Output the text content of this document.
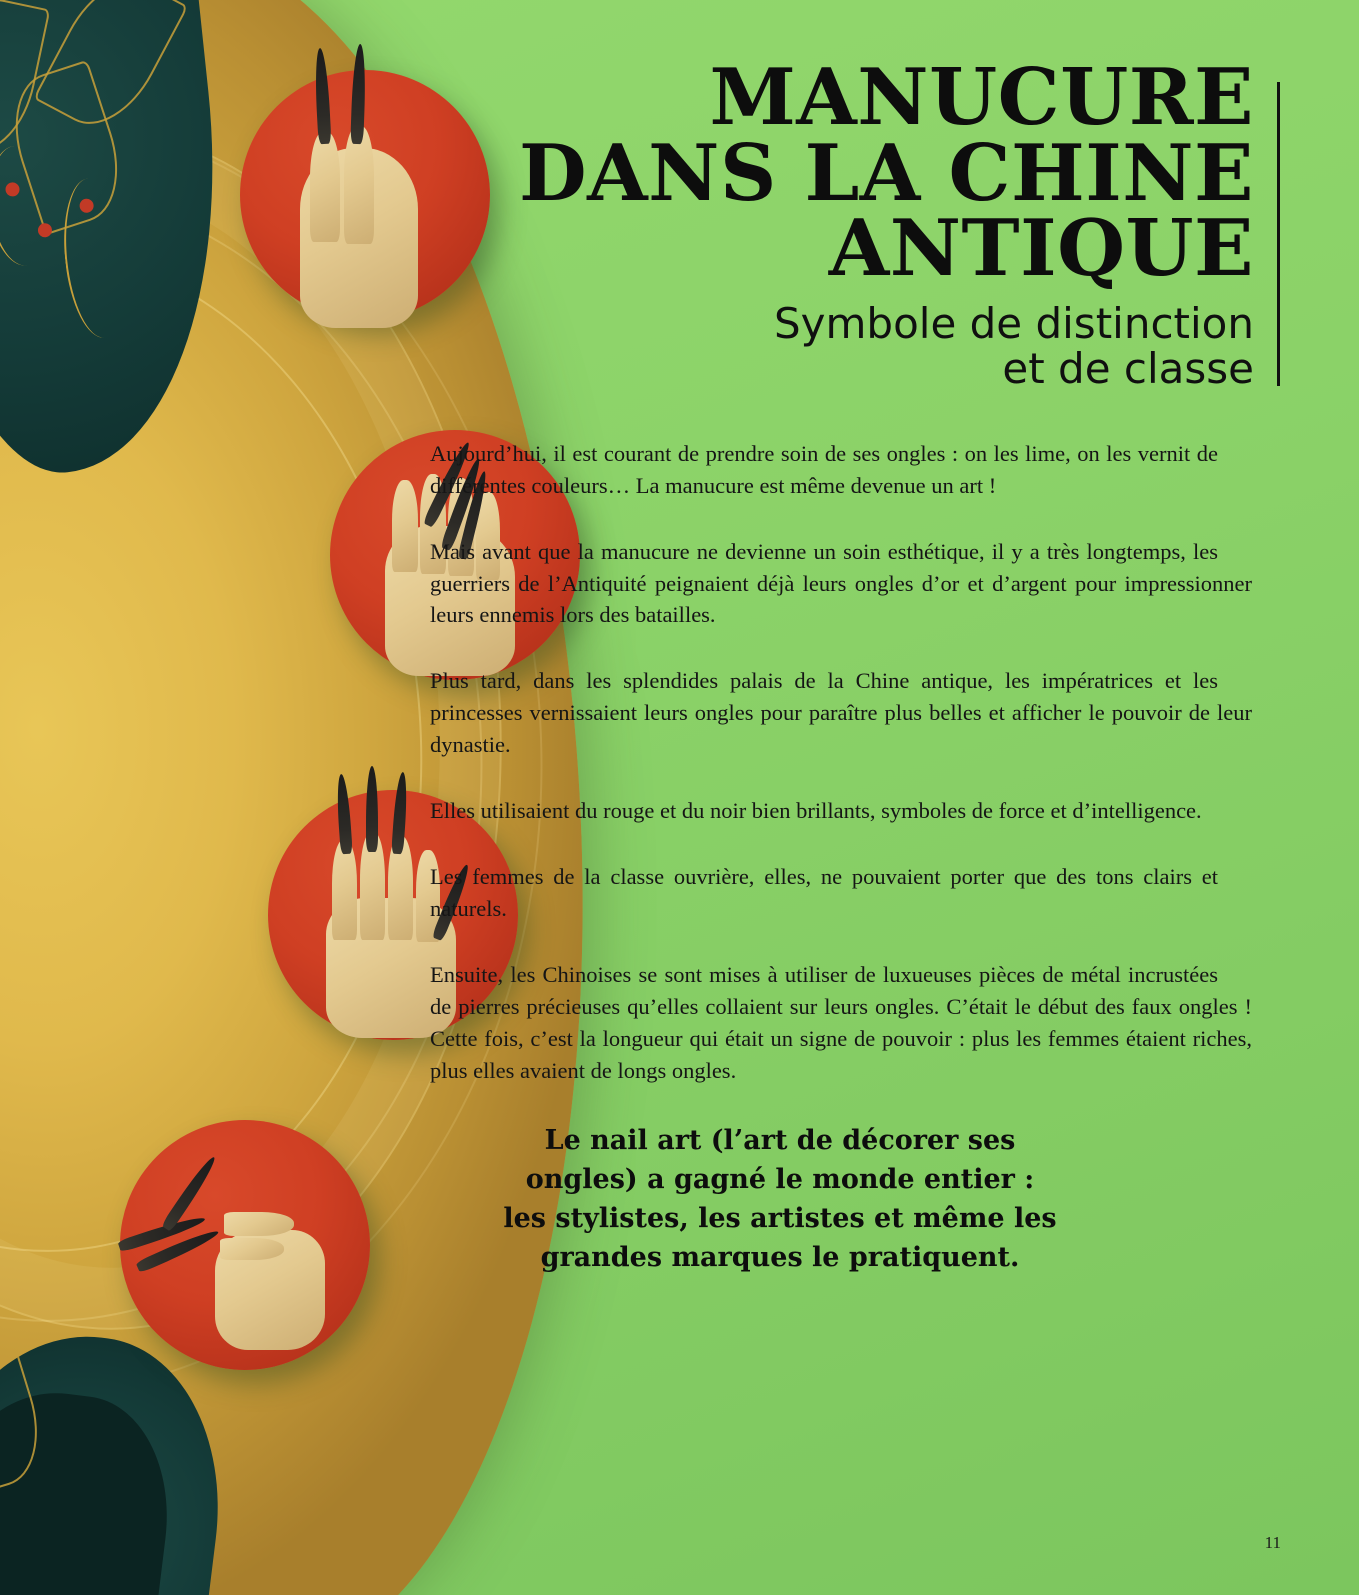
MANUCURE
DANS LA CHINE
ANTIQUE

Symbole de distinction
et de classe

Aujourd’hui, il est courant de prendre soin de ses ongles : on les lime, on les vernit de différentes couleurs… La manucure est même devenue un art !

Mais avant que la manucure ne devienne un soin esthétique, il y a très longtemps, les guerriers de l’Antiquité peignaient déjà leurs ongles d’or et d’argent pour impressionner leurs ennemis lors des batailles.

Plus tard, dans les splendides palais de la Chine antique, les impératrices et les princesses vernissaient leurs ongles pour paraître plus belles et afficher le pouvoir de leur dynastie.

Elles utilisaient du rouge et du noir bien brillants, symboles de force et d’intelligence.

Les femmes de la classe ouvrière, elles, ne pouvaient porter que des tons clairs et naturels.

Ensuite, les Chinoises se sont mises à utiliser de luxueuses pièces de métal incrustées de pierres précieuses qu’elles collaient sur leurs ongles. C’était le début des faux ongles ! Cette fois, c’est la longueur qui était un signe de pouvoir : plus les femmes étaient riches, plus elles avaient de longs ongles.

Le nail art (l’art de décorer ses
ongles) a gagné le monde entier :
les stylistes, les artistes et même les
grandes marques le pratiquent.

11
